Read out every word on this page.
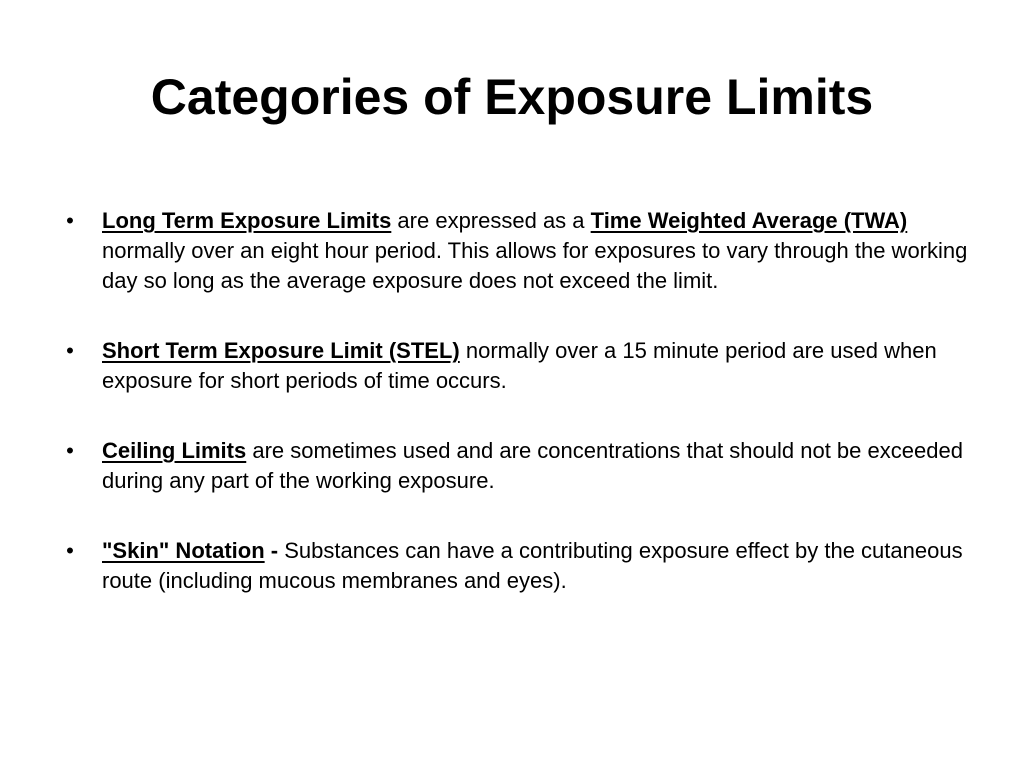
Categories of Exposure Limits
• Long Term Exposure Limits are expressed as a Time Weighted Average (TWA) normally over an eight hour period. This allows for exposures to vary through the working day so long as the average exposure does not exceed the limit.
• Short Term Exposure Limit (STEL) normally over a 15 minute period are used when exposure for short periods of time occurs.
• Ceiling Limits are sometimes used and are concentrations that should not be exceeded during any part of the working exposure.
• "Skin" Notation - Substances can have a contributing exposure effect by the cutaneous route (including mucous membranes and eyes).
